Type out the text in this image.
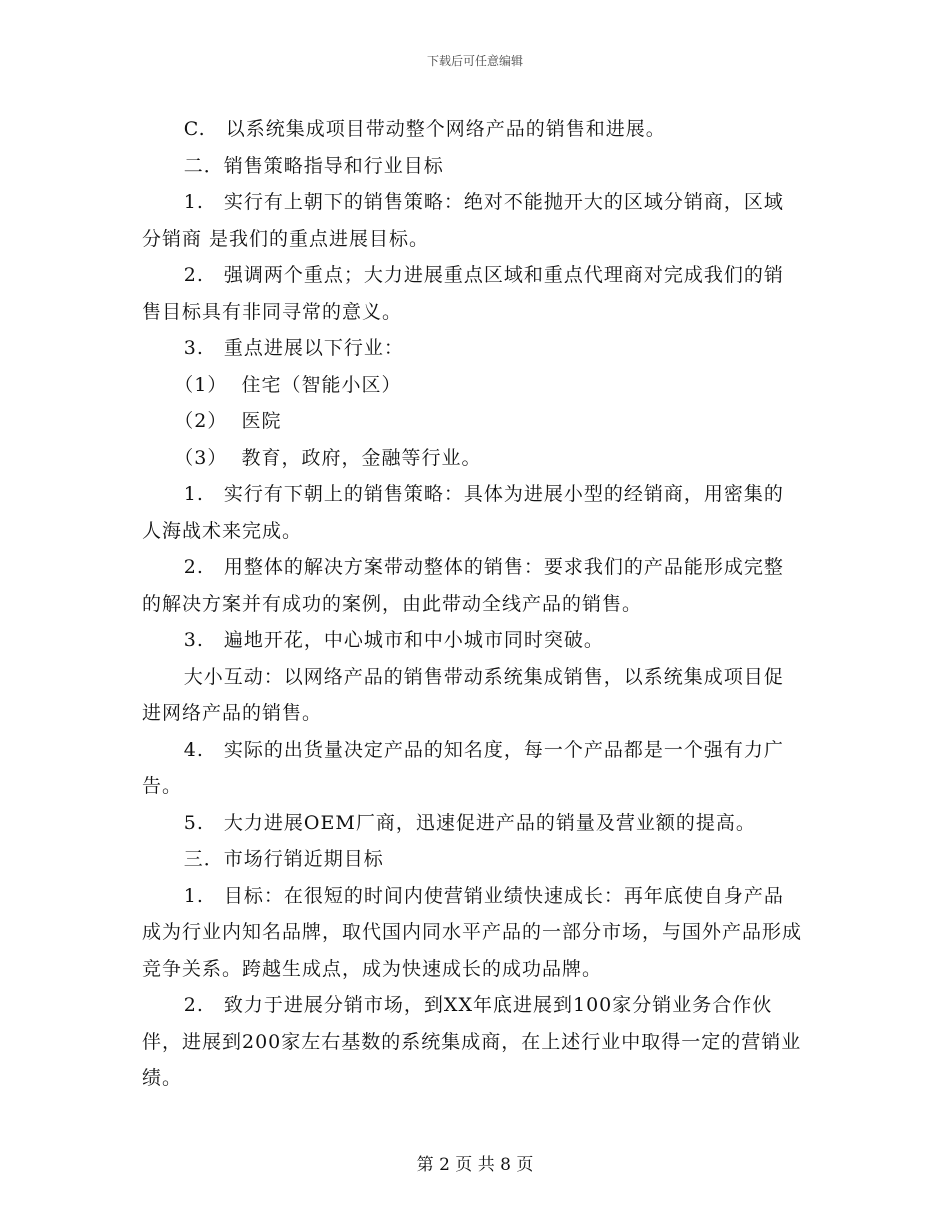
下载后可任意编辑

C.　以系统集成项目带动整个网络产品的销售和进展。

二．销售策略指导和行业目标

1.　实行有上朝下的销售策略：绝对不能抛开大的区域分销商，区域分销商 是我们的重点进展目标。

2.　强调两个重点；大力进展重点区域和重点代理商对完成我们的销售目标具有非同寻常的意义。

3.　重点进展以下行业：

（1）  住宅（智能小区）

（2）  医院

（3）  教育，政府，金融等行业。

1.　实行有下朝上的销售策略：具体为进展小型的经销商，用密集的人海战术来完成。

2.　用整体的解决方案带动整体的销售：要求我们的产品能形成完整的解决方案并有成功的案例，由此带动全线产品的销售。

3.　遍地开花，中心城市和中小城市同时突破。

大小互动：以网络产品的销售带动系统集成销售，以系统集成项目促进网络产品的销售。

4.　实际的出货量决定产品的知名度，每一个产品都是一个强有力广告。

5.　大力进展OEM厂商，迅速促进产品的销量及营业额的提高。

三．市场行销近期目标

1.　目标：在很短的时间内使营销业绩快速成长：再年底使自身产品成为行业内知名品牌，取代国内同水平产品的一部分市场，与国外产品形成竞争关系。跨越生成点，成为快速成长的成功品牌。

2.　致力于进展分销市场，到XX年底进展到100家分销业务合作伙伴，进展到200家左右基数的系统集成商，在上述行业中取得一定的营销业绩。

第 2 页 共 8 页
